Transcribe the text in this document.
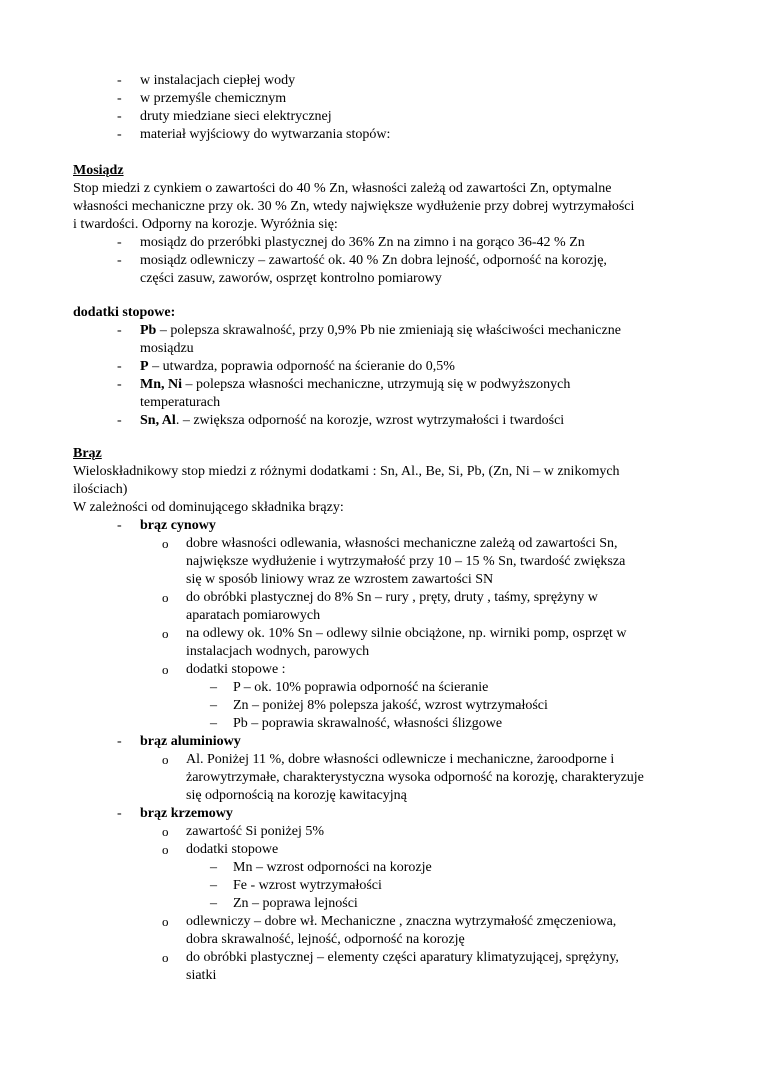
- w instalacjach ciepłej wody
- w przemyśle chemicznym
- druty miedziane sieci elektrycznej
- materiał wyjściowy do wytwarzania stopów:
Mosiądz
Stop miedzi z cynkiem o zawartości do 40 % Zn, własności zależą od zawartości Zn, optymalne
własności mechaniczne przy ok. 30 % Zn, wtedy największe wydłużenie przy dobrej wytrzymałości
i twardości. Odporny na korozje. Wyróżnia się:
- mosiądz do przeróbki plastycznej do 36% Zn na zimno i na gorąco 36-42 % Zn
- mosiądz odlewniczy – zawartość ok. 40 % Zn dobra lejność, odporność na korozję,
części zasuw, zaworów, osprzęt kontrolno pomiarowy
dodatki stopowe:
- Pb – polepsza skrawalność, przy 0,9% Pb nie zmieniają się właściwości mechaniczne
mosiądzu
- P – utwardza, poprawia odporność na ścieranie do 0,5%
- Mn, Ni – polepsza własności mechaniczne, utrzymują się w podwyższonych
temperaturach
- Sn, Al. – zwiększa odporność na korozje, wzrost wytrzymałości i twardości
Brąz
Wieloskładnikowy stop miedzi z różnymi dodatkami : Sn, Al., Be, Si, Pb, (Zn, Ni – w znikomych
ilościach)
W zależności od dominującego składnika brązy:
- brąz cynowy
o dobre własności odlewania, własności mechaniczne zależą od zawartości Sn,
największe wydłużenie i wytrzymałość przy 10 – 15 % Sn, twardość zwiększa
się w sposób liniowy wraz ze wzrostem zawartości SN
o do obróbki plastycznej do 8% Sn – rury , pręty, druty , taśmy, sprężyny w
aparatach pomiarowych
o na odlewy ok. 10% Sn – odlewy silnie obciążone, np. wirniki pomp, osprzęt w
instalacjach wodnych, parowych
o dodatki stopowe :
– P – ok. 10% poprawia odporność na ścieranie
– Zn – poniżej 8% polepsza jakość, wzrost wytrzymałości
– Pb – poprawia skrawalność, własności ślizgowe
- brąz aluminiowy
o Al. Poniżej 11 %, dobre własności odlewnicze i mechaniczne, żaroodporne i
żarowytrzymałe, charakterystyczna wysoka odporność na korozję, charakteryzuje
się odpornością na korozję kawitacyjną
- brąz krzemowy
o zawartość Si poniżej 5%
o dodatki stopowe
– Mn – wzrost odporności na korozje
– Fe - wzrost wytrzymałości
– Zn – poprawa lejności
o odlewniczy – dobre wł. Mechaniczne , znaczna wytrzymałość zmęczeniowa,
dobra skrawalność, lejność, odporność na korozję
o do obróbki plastycznej – elementy części aparatury klimatyzującej, sprężyny,
siatki
